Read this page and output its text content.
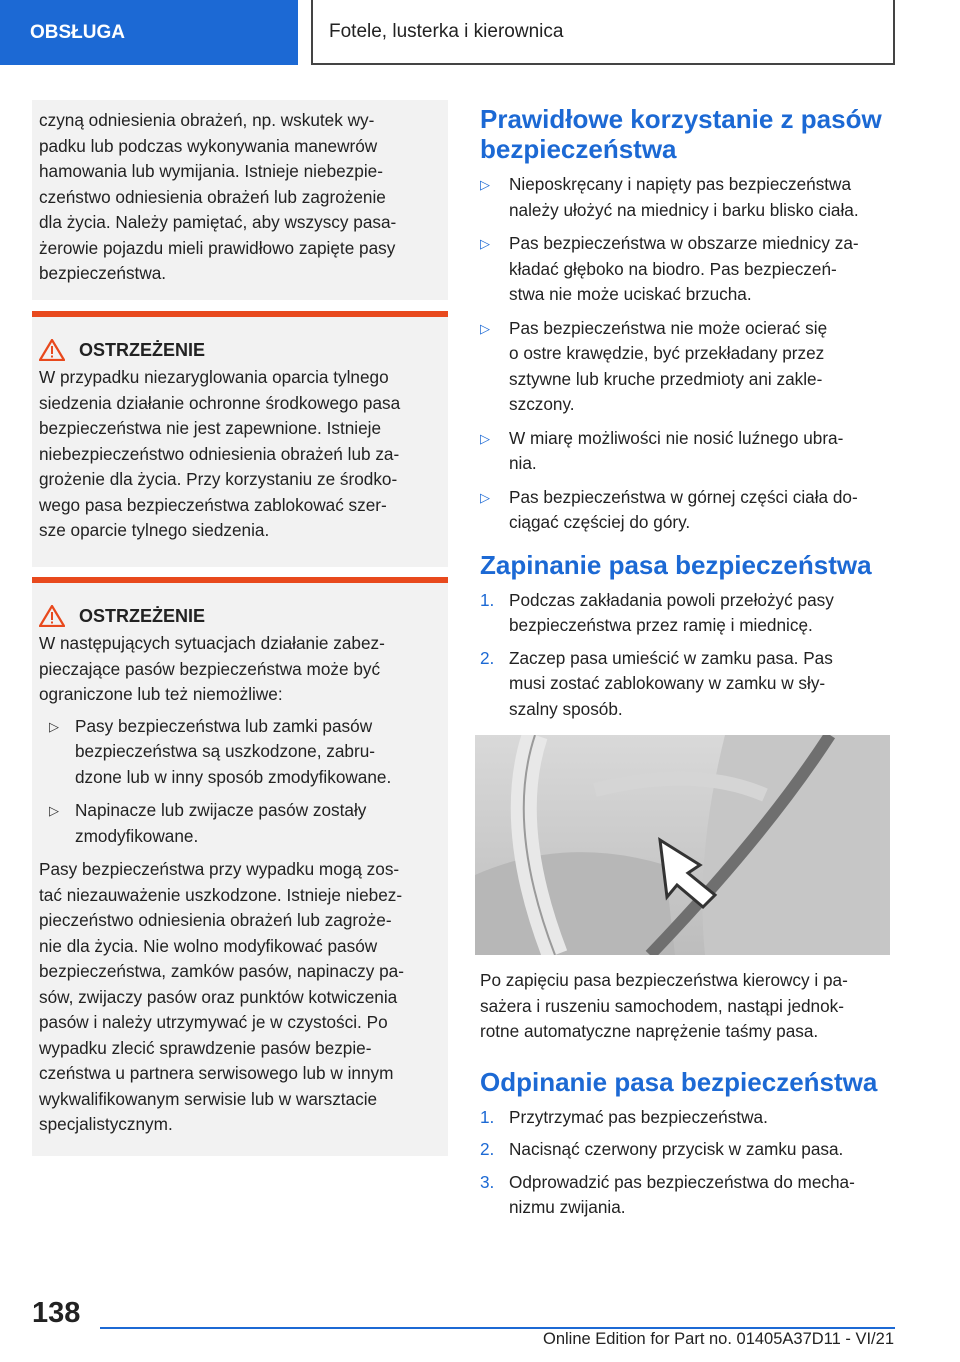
OBSŁUGA	Fotele, lusterka i kierownica

czyną odniesienia obrażeń, np. wskutek wy-
padku lub podczas wykonywania manewrów
hamowania lub wymijania. Istnieje niebezpie-
czeństwo odniesienia obrażeń lub zagrożenie
dla życia. Należy pamiętać, aby wszyscy pasa-
żerowie pojazdu mieli prawidłowo zapięte pasy
bezpieczeństwa.

OSTRZEŻENIE

W przypadku niezaryglowania oparcia tylnego
siedzenia działanie ochronne środkowego pasa
bezpieczeństwa nie jest zapewnione. Istnieje
niebezpieczeństwo odniesienia obrażeń lub za-
grożenie dla życia. Przy korzystaniu ze środko-
wego pasa bezpieczeństwa zablokować szer-
sze oparcie tylnego siedzenia.

OSTRZEŻENIE

W następujących sytuacjach działanie zabez-
pieczające pasów bezpieczeństwa może być
ograniczone lub też niemożliwe:

▷ Pasy bezpieczeństwa lub zamki pasów
bezpieczeństwa są uszkodzone, zabru-
dzone lub w inny sposób zmodyfikowane.
▷ Napinacze lub zwijacze pasów zostały
zmodyfikowane.

Pasy bezpieczeństwa przy wypadku mogą zos-
tać niezauważenie uszkodzone. Istnieje niebez-
pieczeństwo odniesienia obrażeń lub zagroże-
nie dla życia. Nie wolno modyfikować pasów
bezpieczeństwa, zamków pasów, napinaczy pa-
sów, zwijaczy pasów oraz punktów kotwiczenia
pasów i należy utrzymywać je w czystości. Po
wypadku zlecić sprawdzenie pasów bezpie-
czeństwa u partnera serwisowego lub w innym
wykwalifikowanym serwisie lub w warsztacie
specjalistycznym.

Prawidłowe korzystanie z pasów
bezpieczeństwa
▷ Nieposkręcany i napięty pas bezpieczeństwa
należy ułożyć na miednicy i barku blisko ciała.
▷ Pas bezpieczeństwa w obszarze miednicy za-
kładać głęboko na biodro. Pas bezpieczeń-
stwa nie może uciskać brzucha.
▷ Pas bezpieczeństwa nie może ocierać się
o ostre krawędzie, być przekładany przez
sztywne lub kruche przedmioty ani zakle-
szczony.
▷ W miarę możliwości nie nosić luźnego ubra-
nia.
▷ Pas bezpieczeństwa w górnej części ciała do-
ciągać częściej do góry.
Zapinanie pasa bezpieczeństwa
1. Podczas zakładania powoli przełożyć pasy
bezpieczeństwa przez ramię i miednicę.
2. Zaczep pasa umieścić w zamku pasa. Pas
musi zostać zablokowany w zamku w sły-
szalny sposób.

Po zapięciu pasa bezpieczeństwa kierowcy i pa-
sażera i ruszeniu samochodem, nastąpi jednok-
rotne automatyczne naprężenie taśmy pasa.

Odpinanie pasa bezpieczeństwa
1. Przytrzymać pas bezpieczeństwa.
2. Nacisnąć czerwony przycisk w zamku pasa.
3. Odprowadzić pas bezpieczeństwa do mecha-
nizmu zwijania.
138
Online Edition for Part no. 01405A37D11 - VI/21
